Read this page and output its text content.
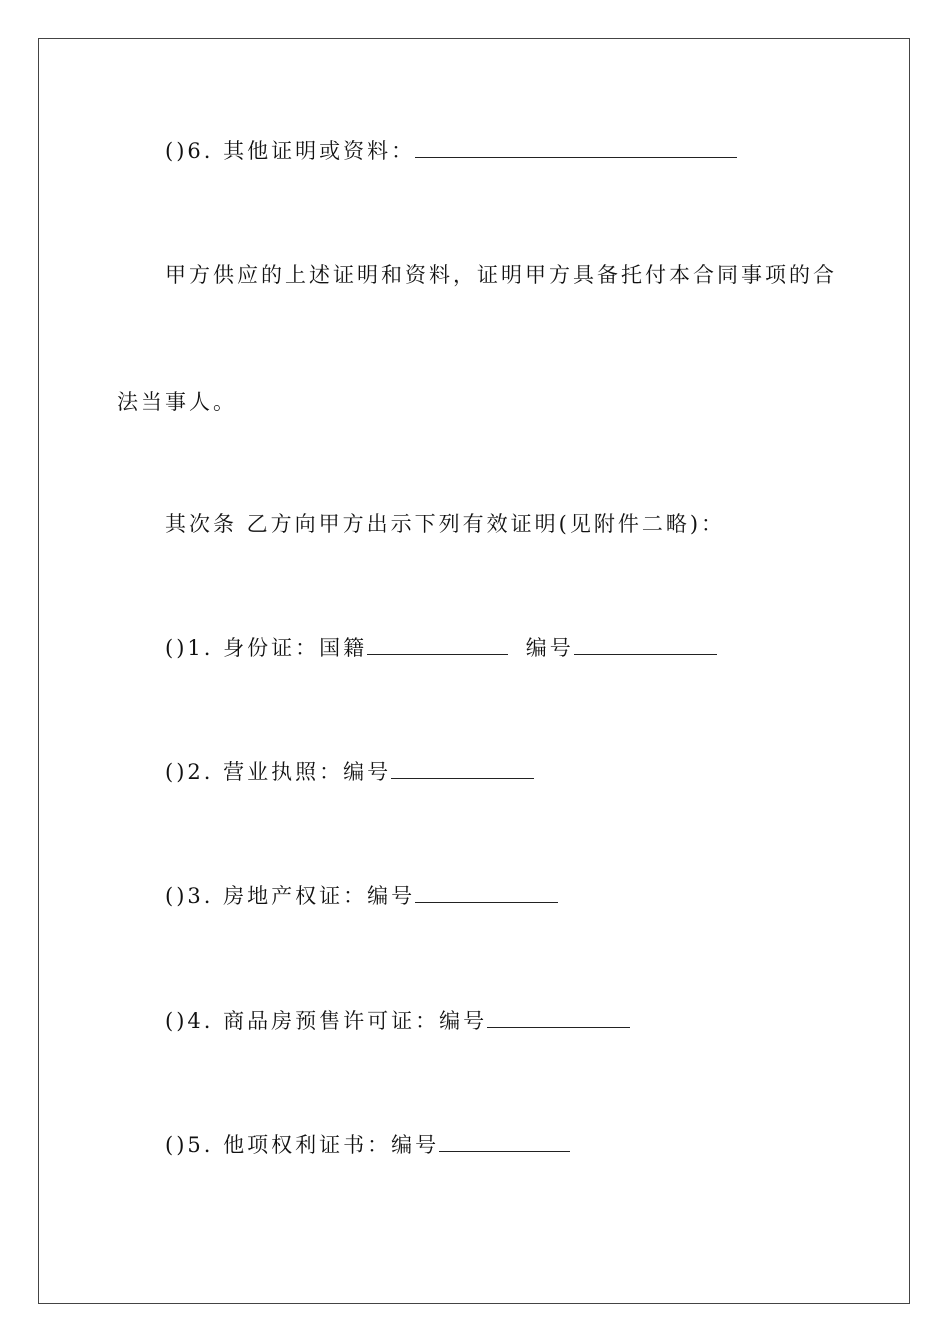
()6. 其他证明或资料：
甲方供应的上述证明和资料，证明甲方具备托付本合同事项的合
法当事人。
其次条 乙方向甲方出示下列有效证明(见附件二略)：
()1. 身份证：国籍	编号
()2. 营业执照：编号
()3. 房地产权证：编号
()4. 商品房预售许可证：编号
()5. 他项权利证书：编号
